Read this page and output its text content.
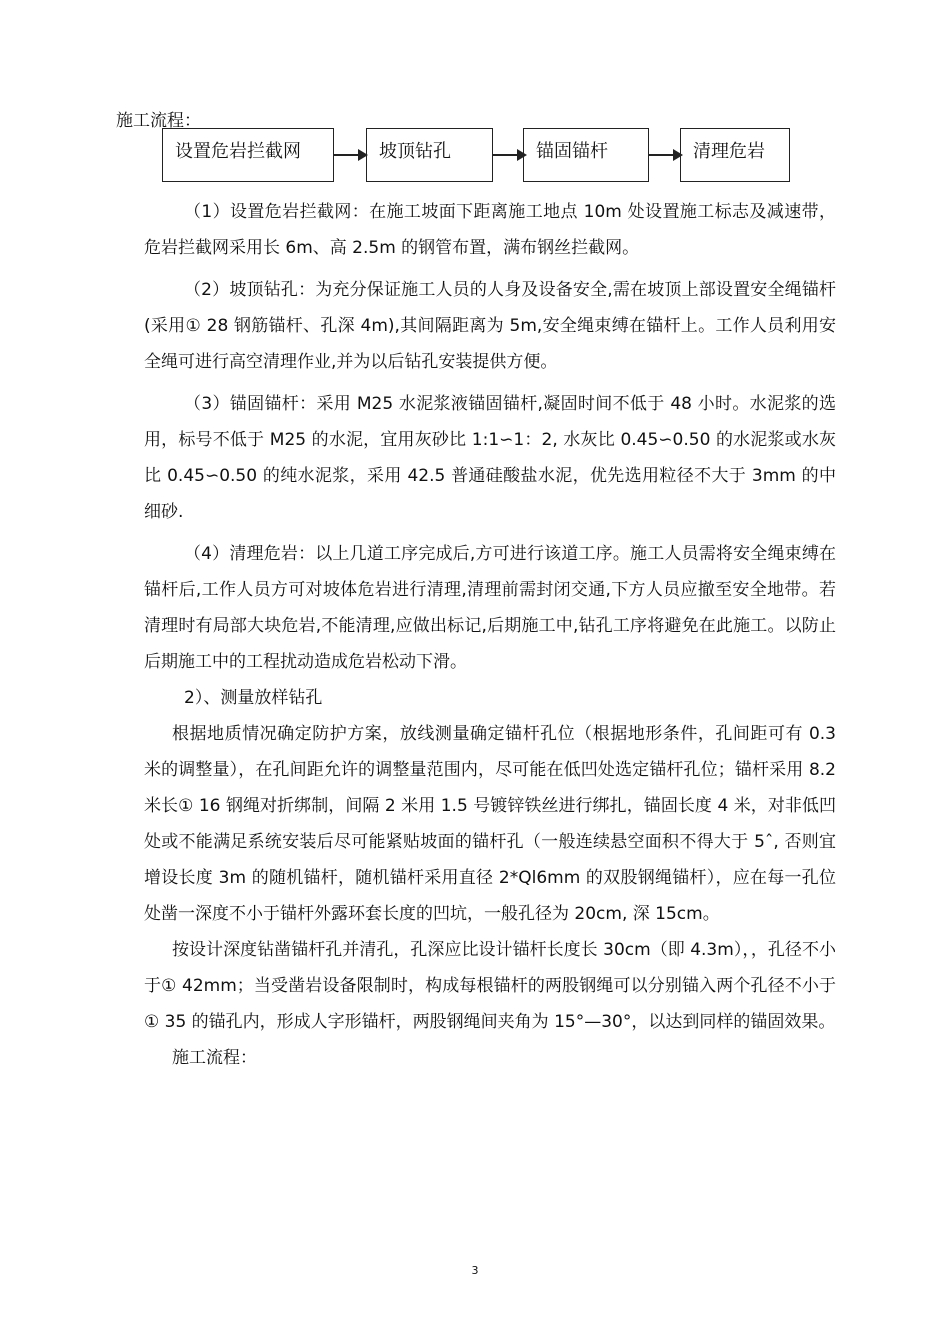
施工流程：
设置危岩拦截网	坡顶钻孔	锚固锚杆	清理危岩

（1）设置危岩拦截网：在施工坡面下距离施工地点 10m 处设置施工标志及减速带，危岩拦截网采用长 6m、高 2.5m 的钢管布置，满布钢丝拦截网。

（2）坡顶钻孔：为充分保证施工人员的人身及设备安全,需在坡顶上部设置安全绳锚杆(采用① 28 钢筋锚杆、孔深 4m),其间隔距离为 5m,安全绳束缚在锚杆上。工作人员利用安全绳可进行高空清理作业,并为以后钻孔安装提供方便。

（3）锚固锚杆：采用 M25 水泥浆液锚固锚杆,凝固时间不低于 48 小时。水泥浆的选用，标号不低于 M25 的水泥，宜用灰砂比 1:1∽1：2, 水灰比 0.45∽0.50 的水泥浆或水灰比 0.45∽0.50 的纯水泥浆，采用 42.5 普通硅酸盐水泥，优先选用粒径不大于 3mm 的中细砂.

（4）清理危岩：以上几道工序完成后,方可进行该道工序。施工人员需将安全绳束缚在锚杆后,工作人员方可对坡体危岩进行清理,清理前需封闭交通,下方人员应撤至安全地带。若清理时有局部大块危岩,不能清理,应做出标记,后期施工中,钻孔工序将避免在此施工。以防止后期施工中的工程扰动造成危岩松动下滑。

2）、测量放样钻孔

根据地质情况确定防护方案，放线测量确定锚杆孔位（根据地形条件，孔间距可有 0.3 米的调整量），在孔间距允许的调整量范围内，尽可能在低凹处选定锚杆孔位；锚杆采用 8.2 米长① 16 钢绳对折绑制，间隔 2 米用 1.5 号镀锌铁丝进行绑扎，锚固长度 4 米，对非低凹处或不能满足系统安装后尽可能紧贴坡面的锚杆孔（一般连续悬空面积不得大于 5ˆ, 否则宜增设长度 3m 的随机锚杆，随机锚杆采用直径 2*Ql6mm 的双股钢绳锚杆），应在每一孔位处凿一深度不小于锚杆外露环套长度的凹坑，一般孔径为 20cm, 深 15cm。

按设计深度钻凿锚杆孔并清孔，孔深应比设计锚杆长度长 30cm（即 4.3m），，孔径不小于① 42mm；当受凿岩设备限制时，构成每根锚杆的两股钢绳可以分别锚入两个孔径不小于① 35 的锚孔内，形成人字形锚杆，两股钢绳间夹角为 15°—30°，以达到同样的锚固效果。

施工流程：

3
